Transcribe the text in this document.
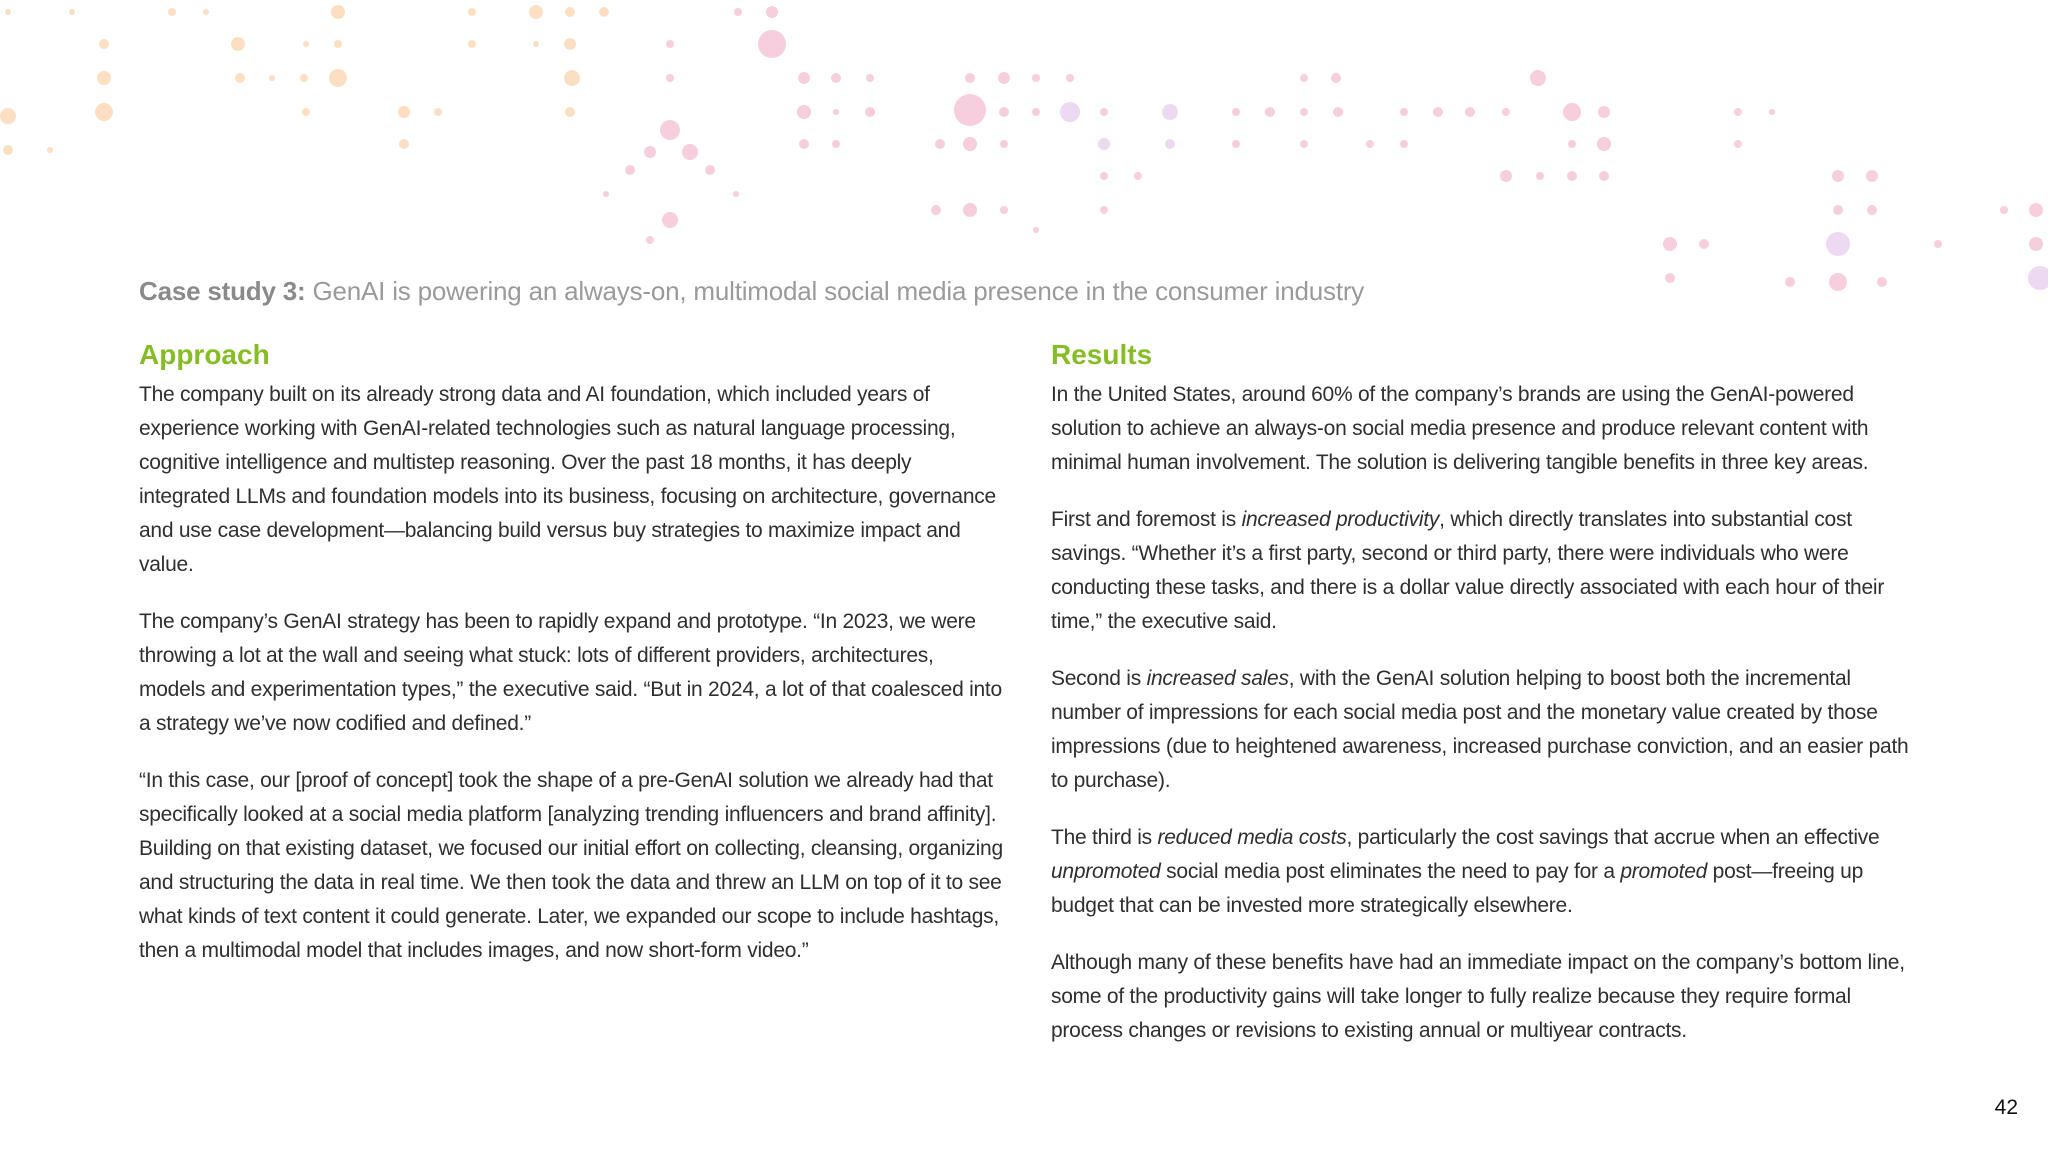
Case study 3: GenAI is powering an always-on, multimodal social media presence in the consumer industry
Approach

The company built on its already strong data and AI foundation, which included years of experience working with GenAI-related technologies such as natural language processing, cognitive intelligence and multistep reasoning. Over the past 18 months, it has deeply integrated LLMs and foundation models into its business, focusing on architecture, governance and use case development—balancing build versus buy strategies to maximize impact and value.

The company’s GenAI strategy has been to rapidly expand and prototype. “In 2023, we were throwing a lot at the wall and seeing what stuck: lots of different providers, architectures, models and experimentation types,” the executive said. “But in 2024, a lot of that coalesced into a strategy we’ve now codified and defined.”

“In this case, our [proof of concept] took the shape of a pre-GenAI solution we already had that specifically looked at a social media platform [analyzing trending influencers and brand affinity]. Building on that existing dataset, we focused our initial effort on collecting, cleansing, organizing and structuring the data in real time. We then took the data and threw an LLM on top of it to see what kinds of text content it could generate. Later, we expanded our scope to include hashtags, then a multimodal model that includes images, and now short-form video.”

Results

In the United States, around 60% of the company’s brands are using the GenAI-powered solution to achieve an always-on social media presence and produce relevant content with minimal human involvement. The solution is delivering tangible benefits in three key areas.

First and foremost is increased productivity, which directly translates into substantial cost savings. “Whether it’s a first party, second or third party, there were individuals who were conducting these tasks, and there is a dollar value directly associated with each hour of their time,” the executive said.

Second is increased sales, with the GenAI solution helping to boost both the incremental number of impressions for each social media post and the monetary value created by those impressions (due to heightened awareness, increased purchase conviction, and an easier path to purchase).

The third is reduced media costs, particularly the cost savings that accrue when an effective unpromoted social media post eliminates the need to pay for a promoted post—freeing up budget that can be invested more strategically elsewhere.

Although many of these benefits have had an immediate impact on the company’s bottom line, some of the productivity gains will take longer to fully realize because they require formal process changes or revisions to existing annual or multiyear contracts.

42
